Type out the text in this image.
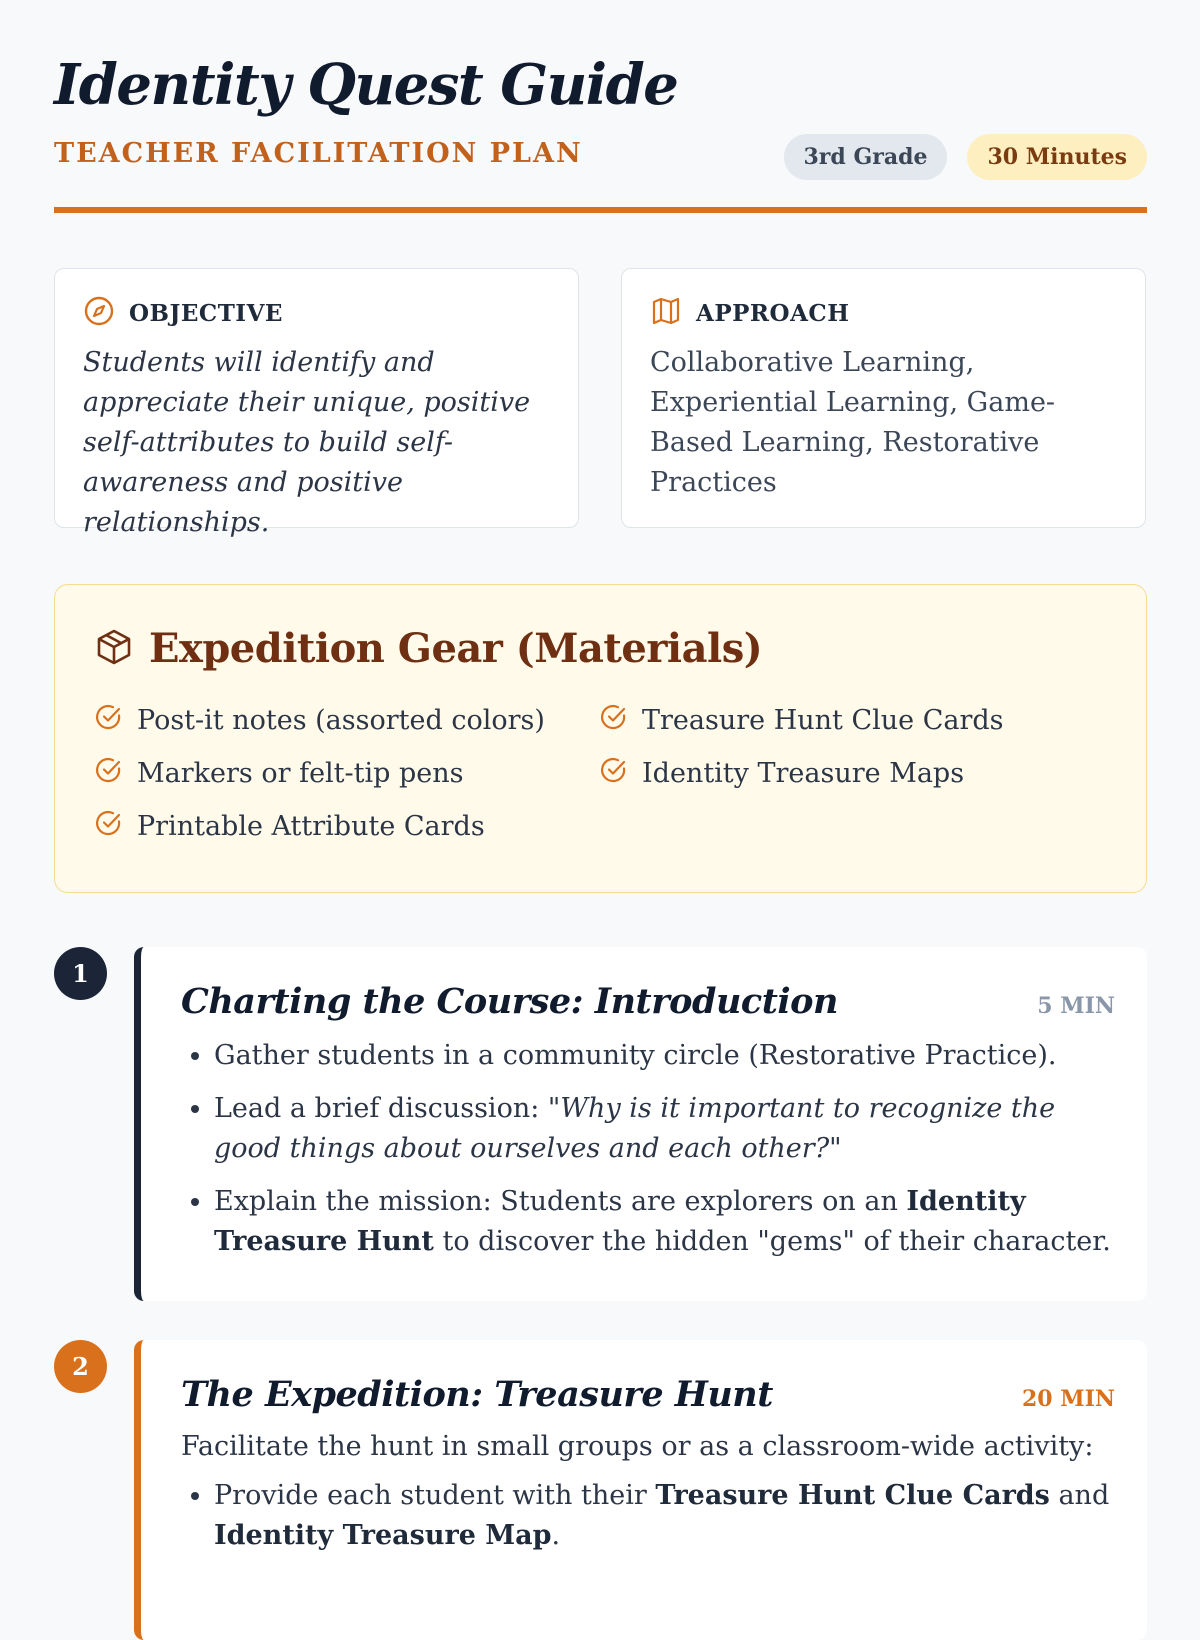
Identity Quest Guide
TEACHER FACILITATION PLAN	3rd Grade	30 Minutes
OBJECTIVE
Students will identify and appreciate their unique, positive self-attributes to build self-awareness and positive relationships.
APPROACH
Collaborative Learning, Experiential Learning, Game-Based Learning, Restorative Practices
Expedition Gear (Materials)
Post-it notes (assorted colors)
Markers or felt-tip pens
Printable Attribute Cards
Treasure Hunt Clue Cards
Identity Treasure Maps
1
Charting the Course: Introduction	5 MIN
• Gather students in a community circle (Restorative Practice).
• Lead a brief discussion: "Why is it important to recognize the good things about ourselves and each other?"
• Explain the mission: Students are explorers on an Identity Treasure Hunt to discover the hidden "gems" of their character.
2
The Expedition: Treasure Hunt	20 MIN
Facilitate the hunt in small groups or as a classroom-wide activity:
• Provide each student with their Treasure Hunt Clue Cards and Identity Treasure Map.
